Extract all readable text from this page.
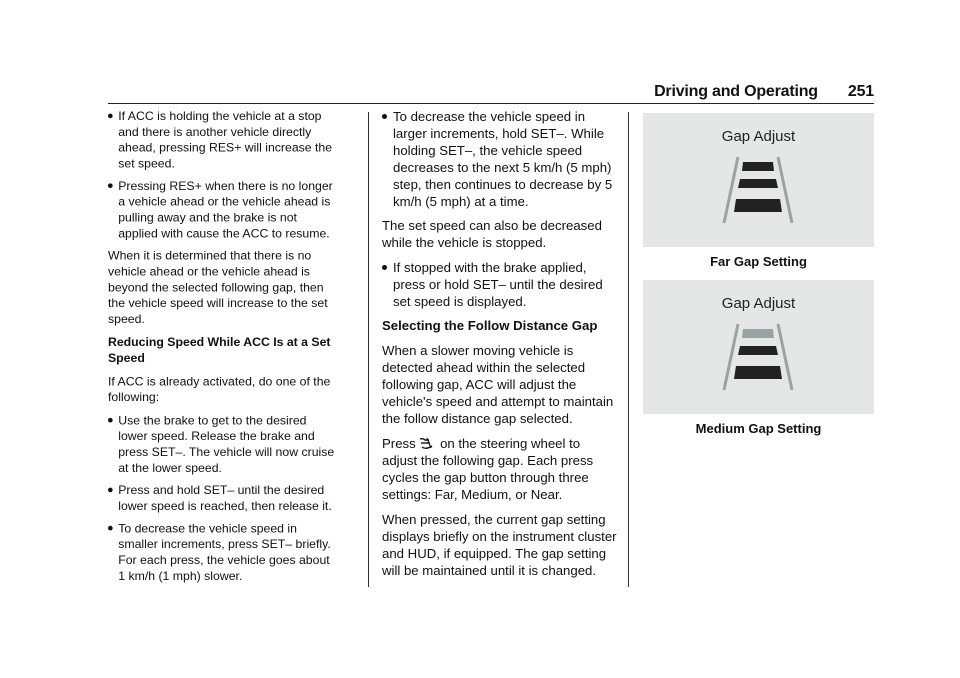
Driving and Operating 251
If ACC is holding the vehicle at a stop and there is another vehicle directly ahead, pressing RES+ will increase the set speed.
Pressing RES+ when there is no longer a vehicle ahead or the vehicle ahead is pulling away and the brake is not applied with cause the ACC to resume.

When it is determined that there is no vehicle ahead or the vehicle ahead is beyond the selected following gap, then the vehicle speed will increase to the set speed.

Reducing Speed While ACC Is at a Set Speed

If ACC is already activated, do one of the following:

Use the brake to get to the desired lower speed. Release the brake and press SET–. The vehicle will now cruise at the lower speed.
Press and hold SET– until the desired lower speed is reached, then release it.
To decrease the vehicle speed in smaller increments, press SET– briefly. For each press, the vehicle goes about 1 km/h (1 mph) slower.
To decrease the vehicle speed in larger increments, hold SET–. While holding SET–, the vehicle speed decreases to the next 5 km/h (5 mph) step, then continues to decrease by 5 km/h (5 mph) at a time.

The set speed can also be decreased while the vehicle is stopped.

If stopped with the brake applied, press or hold SET– until the desired set speed is displayed.

Selecting the Follow Distance Gap

When a slower moving vehicle is detected ahead within the selected following gap, ACC will adjust the vehicle's speed and attempt to maintain the follow distance gap selected.

Press on the steering wheel to adjust the following gap. Each press cycles the gap button through three settings: Far, Medium, or Near.

When pressed, the current gap setting displays briefly on the instrument cluster and HUD, if equipped. The gap setting will be maintained until it is changed.

Gap Adjust
Far Gap Setting
Gap Adjust
Medium Gap Setting
